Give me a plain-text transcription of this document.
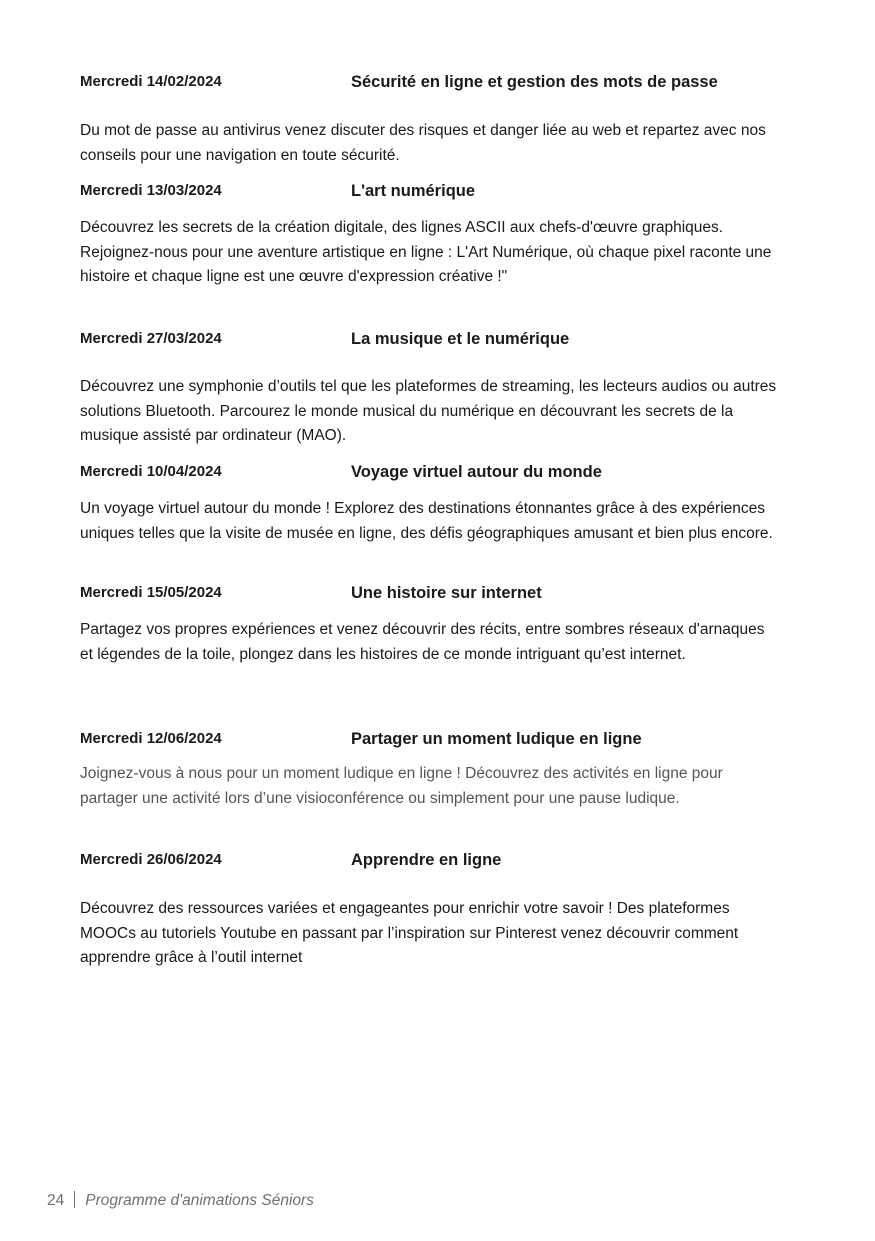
Mercredi 14/02/2024	Sécurité en ligne et gestion des mots de passe

Du mot de passe au antivirus venez discuter des risques et danger liée au web et repartez avec nos conseils pour une navigation en toute sécurité.

Mercredi 13/03/2024	L'art numérique

Découvrez les secrets de la création digitale, des lignes ASCII aux chefs-d'œuvre graphiques. Rejoignez-nous pour une aventure artistique en ligne : L'Art Numérique, où chaque pixel raconte une histoire et chaque ligne est une œuvre d'expression créative !"

Mercredi 27/03/2024	La musique et le numérique

Découvrez une symphonie d’outils tel que les plateformes de streaming, les lecteurs audios ou autres solutions Bluetooth. Parcourez le monde musical du numérique en découvrant les secrets de la musique assisté par ordinateur (MAO).

Mercredi 10/04/2024	Voyage virtuel autour du monde

Un voyage virtuel autour du monde ! Explorez des destinations étonnantes grâce à des expériences uniques telles que la visite de musée en ligne, des défis géographiques amusant et bien plus encore.

Mercredi 15/05/2024	Une histoire sur internet

Partagez vos propres expériences et venez découvrir des récits, entre sombres réseaux d'arnaques et légendes de la toile, plongez dans les histoires de ce monde intriguant qu’est internet.

Mercredi 12/06/2024	Partager un moment ludique en ligne

Joignez-vous à nous pour un moment ludique en ligne ! Découvrez des activités en ligne pour partager une activité lors d’une visioconférence ou simplement pour une pause ludique.

Mercredi 26/06/2024	Apprendre en ligne

Découvrez des ressources variées et engageantes pour enrichir votre savoir ! Des plateformes MOOCs au tutoriels Youtube en passant par l’inspiration sur Pinterest venez découvrir comment apprendre grâce à l’outil internet

24 Programme d'animations Séniors
